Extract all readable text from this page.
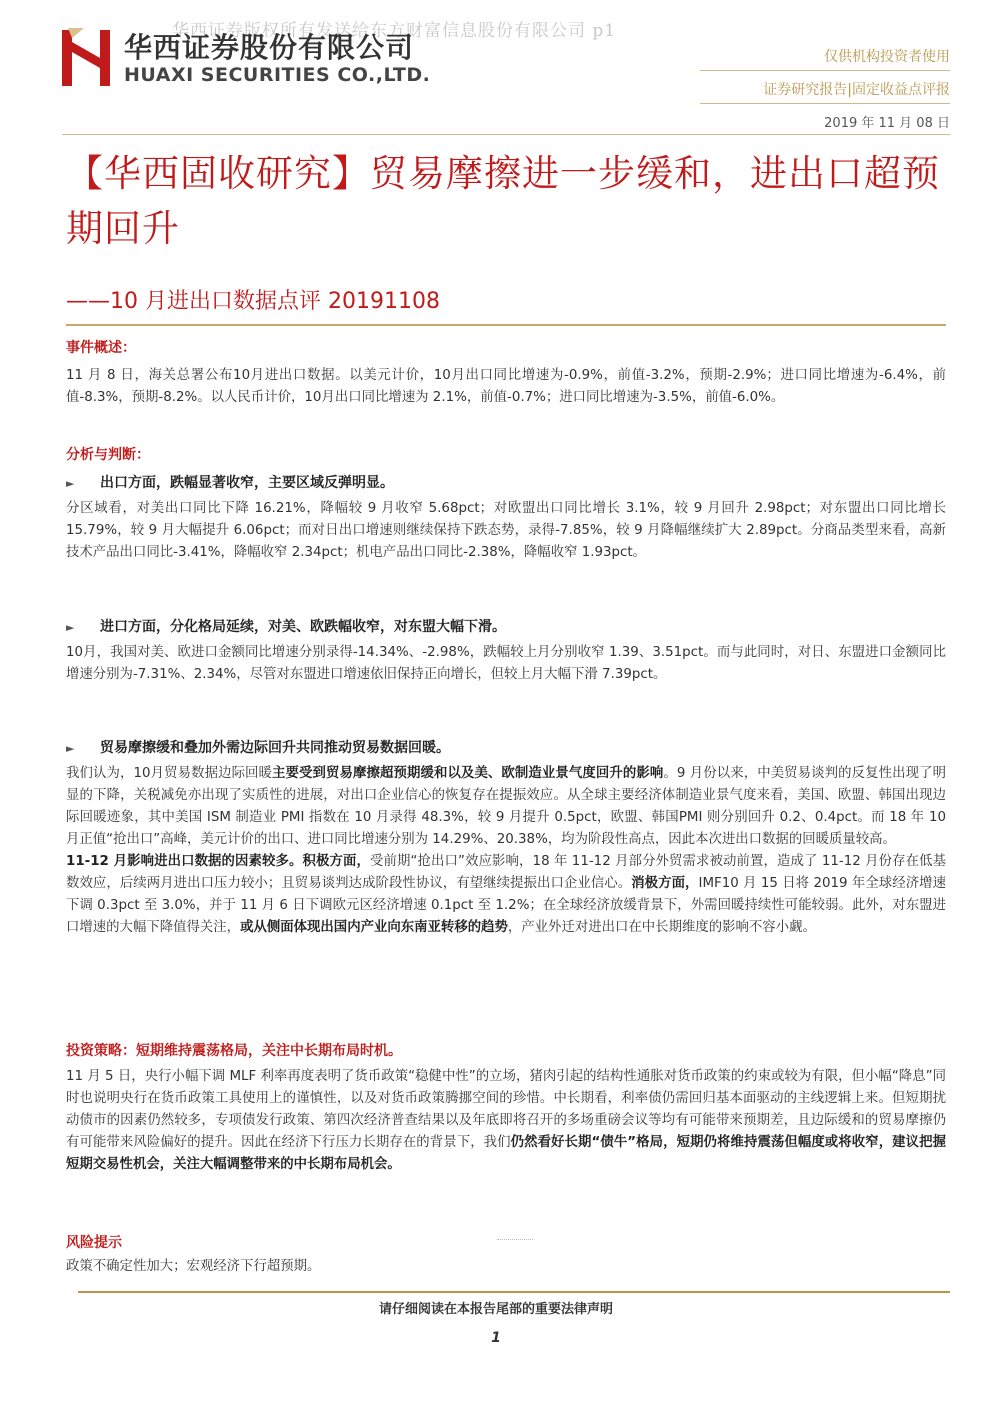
华西证券版权所有发送给东方财富信息股份有限公司 p1
华西证券股份有限公司
HUAXI SECURITIES CO.,LTD.
仅供机构投资者使用
证券研究报告|固定收益点评报
2019 年 11 月 08 日
【华西固收研究】贸易摩擦进一步缓和，进出口超预期回升
——10 月进出口数据点评 20191108
事件概述：
11 月 8 日，海关总署公布10月进出口数据。以美元计价，10月出口同比增速为-0.9%，前值-3.2%，预期-2.9%；进口同比增速为-6.4%，前值-8.3%，预期-8.2%。以人民币计价，10月出口同比增速为 2.1%，前值-0.7%；进口同比增速为-3.5%，前值-6.0%。
分析与判断：
► 出口方面，跌幅显著收窄，主要区域反弹明显。
分区域看，对美出口同比下降 16.21%，降幅较 9 月收窄 5.68pct；对欧盟出口同比增长 3.1%，较 9 月回升 2.98pct；对东盟出口同比增长 15.79%，较 9 月大幅提升 6.06pct；而对日出口增速则继续保持下跌态势，录得-7.85%，较 9 月降幅继续扩大 2.89pct。分商品类型来看，高新技术产品出口同比-3.41%，降幅收窄 2.34pct；机电产品出口同比-2.38%，降幅收窄 1.93pct。
► 进口方面，分化格局延续，对美、欧跌幅收窄，对东盟大幅下滑。
10月，我国对美、欧进口金额同比增速分别录得-14.34%、-2.98%，跌幅较上月分别收窄 1.39、3.51pct。而与此同时，对日、东盟进口金额同比增速分别为-7.31%、2.34%，尽管对东盟进口增速依旧保持正向增长，但较上月大幅下滑 7.39pct。
► 贸易摩擦缓和叠加外需边际回升共同推动贸易数据回暖。
我们认为，10月贸易数据边际回暖主要受到贸易摩擦超预期缓和以及美、欧制造业景气度回升的影响。9 月份以来，中美贸易谈判的反复性出现了明显的下降，关税减免亦出现了实质性的进展，对出口企业信心的恢复存在提振效应。从全球主要经济体制造业景气度来看，美国、欧盟、韩国出现边际回暖迹象，其中美国 ISM 制造业 PMI 指数在 10 月录得 48.3%，较 9 月提升 0.5pct，欧盟、韩国PMI 则分别回升 0.2、0.4pct。而 18 年 10 月正值“抢出口”高峰，美元计价的出口、进口同比增速分别为 14.29%、20.38%，均为阶段性高点，因此本次进出口数据的回暖质量较高。
11-12 月影响进出口数据的因素较多。积极方面，受前期“抢出口”效应影响，18 年 11-12 月部分外贸需求被动前置，造成了 11-12 月份存在低基数效应，后续两月进出口压力较小；且贸易谈判达成阶段性协议，有望继续提振出口企业信心。消极方面，IMF10 月 15 日将 2019 年全球经济增速下调 0.3pct 至 3.0%，并于 11 月 6 日下调欧元区经济增速 0.1pct 至 1.2%；在全球经济放缓背景下，外需回暖持续性可能较弱。此外，对东盟进口增速的大幅下降值得关注，或从侧面体现出国内产业向东南亚转移的趋势，产业外迁对进出口在中长期维度的影响不容小觑。
投资策略：短期维持震荡格局，关注中长期布局时机。
11 月 5 日，央行小幅下调 MLF 利率再度表明了货币政策“稳健中性”的立场，猪肉引起的结构性通胀对货币政策的约束或较为有限，但小幅“降息”同时也说明央行在货币政策工具使用上的谨慎性，以及对货币政策腾挪空间的珍惜。中长期看，利率债仍需回归基本面驱动的主线逻辑上来。但短期扰动债市的因素仍然较多，专项债发行政策、第四次经济普查结果以及年底即将召开的多场重磅会议等均有可能带来预期差，且边际缓和的贸易摩擦仍有可能带来风险偏好的提升。因此在经济下行压力长期存在的背景下，我们仍然看好长期“债牛”格局，短期仍将维持震荡但幅度或将收窄，建议把握短期交易性机会，关注大幅调整带来的中长期布局机会。
风险提示
政策不确定性加大；宏观经济下行超预期。
请仔细阅读在本报告尾部的重要法律声明
1
